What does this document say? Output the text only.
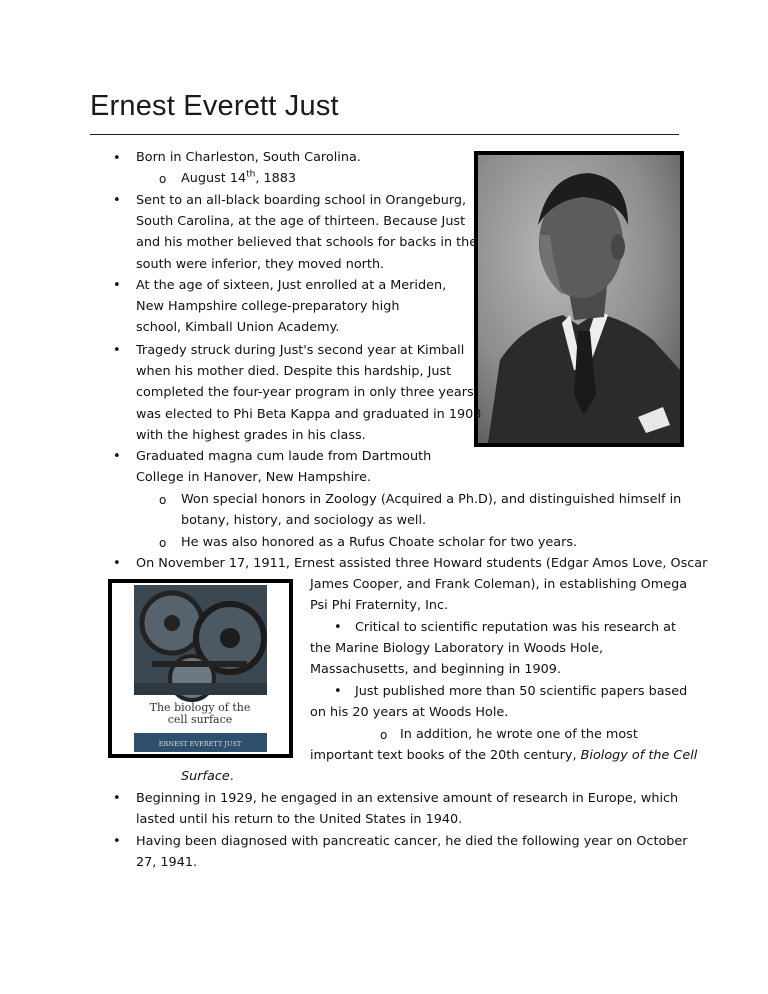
Ernest Everett Just
• Born in Charleston, South Carolina.
o August 14th, 1883
• Sent to an all-black boarding school in Orangeburg,
South Carolina, at the age of thirteen. Because Just
and his mother believed that schools for backs in the
south were inferior, they moved north.
• At the age of sixteen, Just enrolled at a Meriden,
New Hampshire college-preparatory high
school, Kimball Union Academy.
• Tragedy struck during Just's second year at Kimball
when his mother died. Despite this hardship, Just
completed the four-year program in only three years
was elected to Phi Beta Kappa and graduated in 1903
with the highest grades in his class.
• Graduated magna cum laude from Dartmouth
College in Hanover, New Hampshire.
o Won special honors in Zoology (Acquired a Ph.D), and distinguished himself in
botany, history, and sociology as well.
o He was also honored as a Rufus Choate scholar for two years.
• On November 17, 1911, Ernest assisted three Howard students (Edgar Amos Love, Oscar
James Cooper, and Frank Coleman), in establishing Omega
Psi Phi Fraternity, Inc.
The biology of the
cell surface
ERNEST EVERETT JUST
• Critical to scientific reputation was his research at
the Marine Biology Laboratory in Woods Hole,
Massachusetts, and beginning in 1909.
• Just published more than 50 scientific papers based
on his 20 years at Woods Hole.
o In addition, he wrote one of the most
important text books of the 20th century, Biology of the Cell
Surface.
• Beginning in 1929, he engaged in an extensive amount of research in Europe, which
lasted until his return to the United States in 1940.
• Having been diagnosed with pancreatic cancer, he died the following year on October
27, 1941.
